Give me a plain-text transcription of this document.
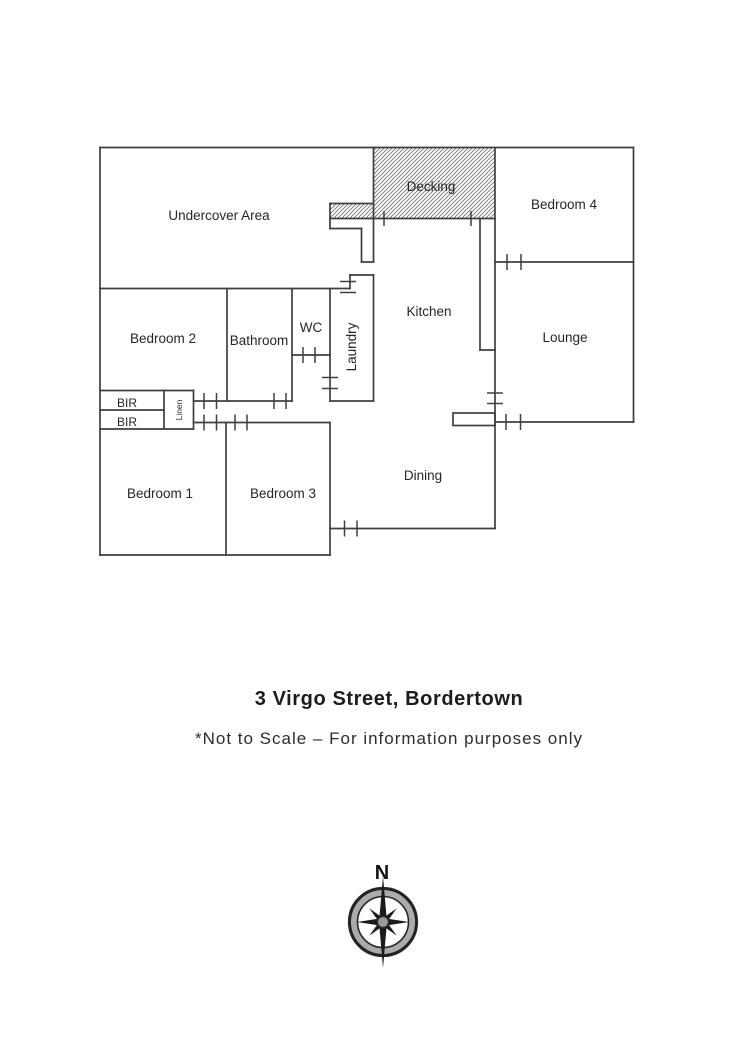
Undercover Area
Decking
Bedroom 4
Kitchen
Lounge
Bedroom 2 Bathroom
WC Laundry
BIR
BIR
Linen
Bedroom 1	Bedroom 3
Dining
N
3 Virgo Street, Bordertown
*Not to Scale – For information purposes only
